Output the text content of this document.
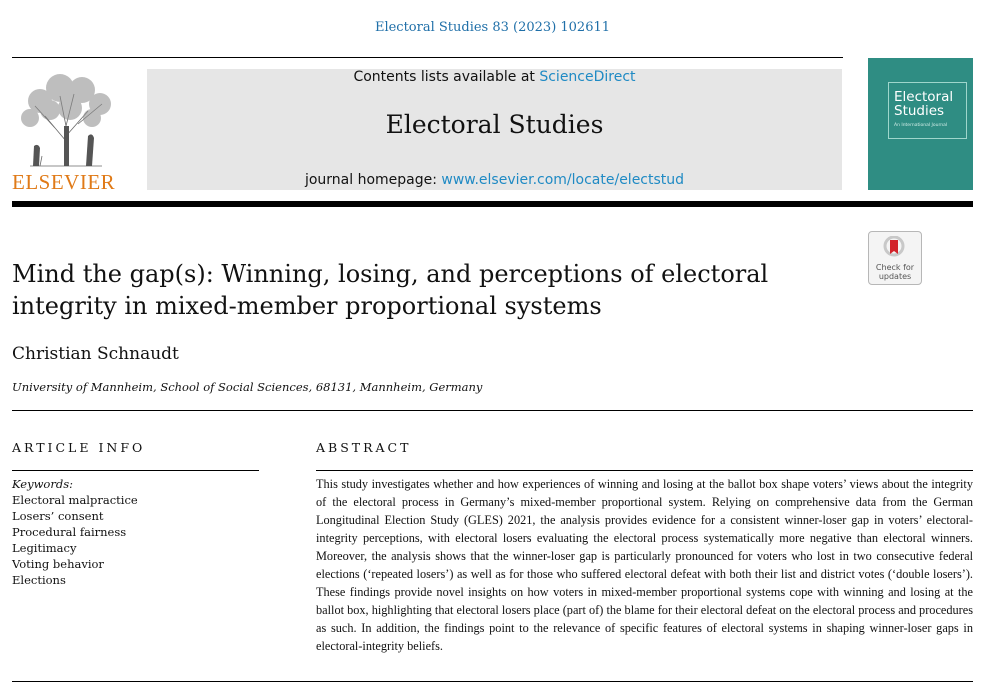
Electoral Studies 83 (2023) 102611
ELSEVIER
Contents lists available at ScienceDirect
Electoral Studies
journal homepage: www.elsevier.com/locate/electstud
Electoral
Studies
An International Journal
Check for
updates
Mind the gap(s): Winning, losing, and perceptions of electoral integrity in mixed-member proportional systems
Christian Schnaudt
University of Mannheim, School of Social Sciences, 68131, Mannheim, Germany
ARTICLE INFO	ABSTRACT
Keywords:
Electoral malpractice
Losers’ consent
Procedural fairness
Legitimacy
Voting behavior
Elections
This study investigates whether and how experiences of winning and losing at the ballot box shape voters’ views about the integrity of the electoral process in Germany’s mixed-member proportional system. Relying on comprehensive data from the German Longitudinal Election Study (GLES) 2021, the analysis provides evidence for a consistent winner-loser gap in voters’ electoral-integrity perceptions, with electoral losers evaluating the electoral process systematically more negative than electoral winners. Moreover, the analysis shows that the winner-loser gap is particularly pronounced for voters who lost in two consecutive federal elections (‘repeated losers’) as well as for those who suffered electoral defeat with both their list and district votes (‘double losers’). These findings provide novel insights on how voters in mixed-member proportional systems cope with winning and losing at the ballot box, highlighting that electoral losers place (part of) the blame for their electoral defeat on the electoral process and procedures as such. In addition, the findings point to the relevance of specific features of electoral systems in shaping winner-loser gaps in electoral-integrity beliefs.
